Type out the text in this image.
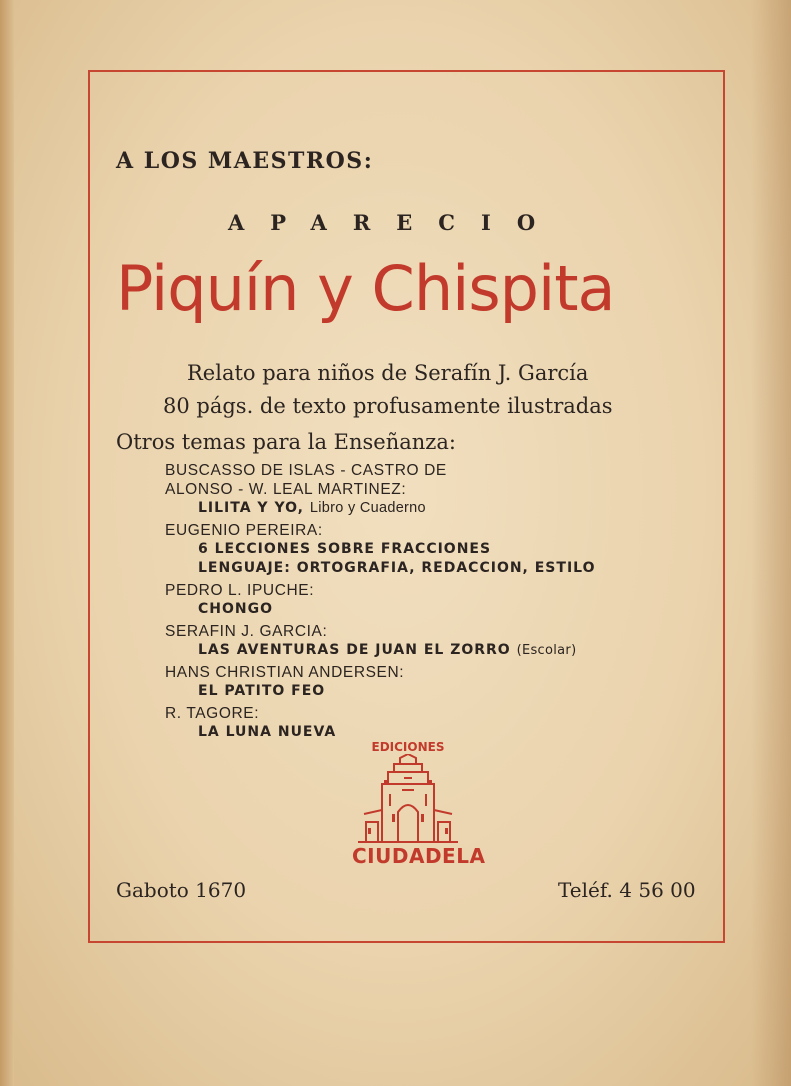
A LOS MAESTROS:

APARECIO

Piquín y Chispita

Relato para niños de Serafín J. García

80 págs. de texto profusamente ilustradas

Otros temas para la Enseñanza:

BUSCASSO DE ISLAS - CASTRO DE

ALONSO - W. LEAL MARTINEZ:

LILITA Y YO, Libro y Cuaderno

EUGENIO PEREIRA:

6 LECCIONES SOBRE FRACCIONES

LENGUAJE: ORTOGRAFIA, REDACCION, ESTILO

PEDRO L. IPUCHE:

CHONGO

SERAFIN J. GARCIA:

LAS AVENTURAS DE JUAN EL ZORRO (Escolar)

HANS CHRISTIAN ANDERSEN:

EL PATITO FEO

R. TAGORE:

LA LUNA NUEVA

EDICIONES
CIUDADELA

Gaboto 1670	Teléf. 4 56 00
